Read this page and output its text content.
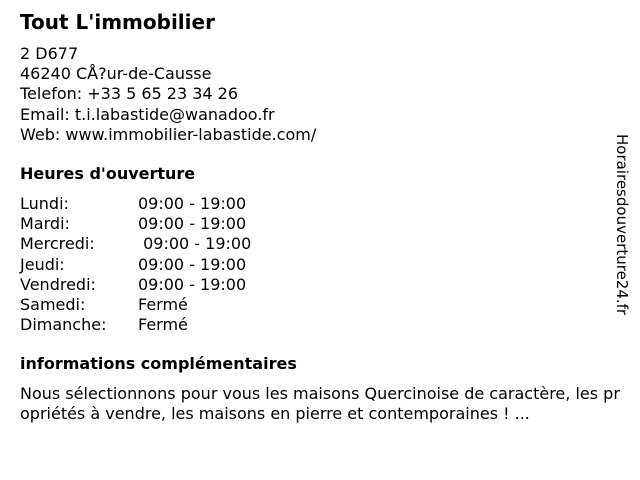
Tout L'immobilier
2 D677
46240 CÅ?ur-de-Causse
Telefon: +33 5 65 23 34 26
Email: t.i.labastide@wanadoo.fr
Web: www.immobilier-labastide.com/
Heures d'ouverture
Lundi:	09:00 - 19:00
Mardi:	09:00 - 19:00
Mercredi:	09:00 - 19:00
Jeudi:	09:00 - 19:00
Vendredi:	09:00 - 19:00
Samedi:	Fermé
Dimanche: Fermé
informations complémentaires
Nous sélectionnons pour vous les maisons Quercinoise de caractère, les propriétés à vendre, les maisons en pierre et contemporaines ! ...
Horairesdouverture24.fr
